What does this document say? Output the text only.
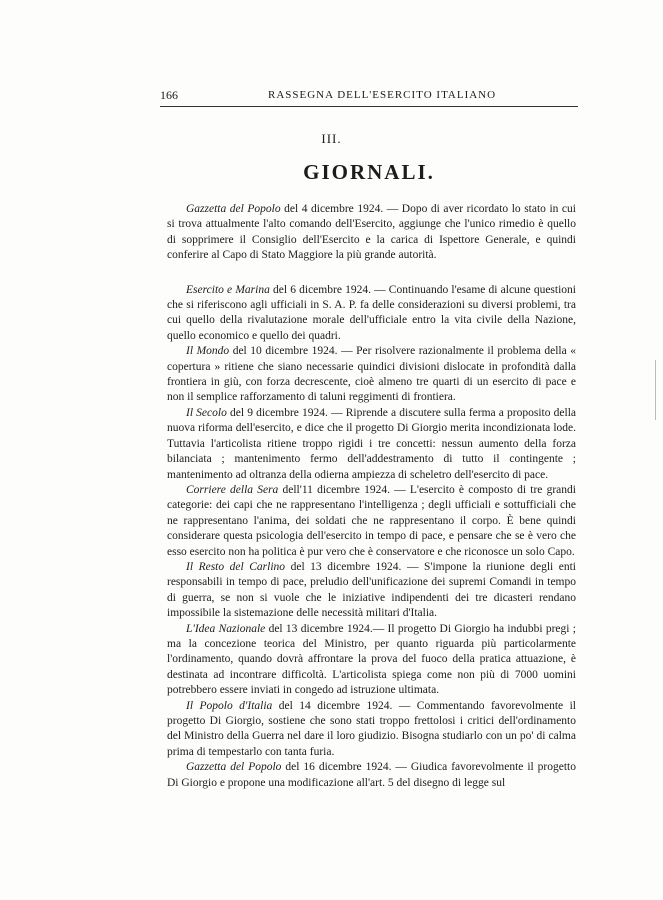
166	RASSEGNA DELL'ESERCITO ITALIANO
III.
GIORNALI.

Gazzetta del Popolo del 4 dicembre 1924. — Dopo di aver ricordato lo stato in cui si trova attualmente l'alto comando dell'Esercito, aggiunge che l'unico rimedio è quello di sopprimere il Consiglio dell'Esercito e la carica di Ispettore Generale, e quindi conferire al Capo di Stato Maggiore la più grande autorità.

Esercito e Marina del 6 dicembre 1924. — Continuando l'esame di alcune questioni che si riferiscono agli ufficiali in S. A. P. fa delle considerazioni su diversi problemi, tra cui quello della rivalutazione morale dell'ufficiale entro la vita civile della Nazione, quello economico e quello dei quadri.

Il Mondo del 10 dicembre 1924. — Per risolvere razionalmente il problema della « copertura » ritiene che siano necessarie quindici divisioni dislocate in profondità dalla frontiera in giù, con forza decrescente, cioè almeno tre quarti di un esercito di pace e non il semplice rafforzamento di taluni reggimenti di frontiera.

Il Secolo del 9 dicembre 1924. — Riprende a discutere sulla ferma a proposito della nuova riforma dell'esercito, e dice che il progetto Di Giorgio merita incondizionata lode. Tuttavia l'articolista ritiene troppo rigidi i tre concetti: nessun aumento della forza bilanciata ; mantenimento fermo dell'addestramento di tutto il contingente ; mantenimento ad oltranza della odierna ampiezza di scheletro dell'esercito di pace.

Corriere della Sera dell'11 dicembre 1924. — L'esercito è composto di tre grandi categorie: dei capi che ne rappresentano l'intelligenza ; degli ufficiali e sottufficiali che ne rappresentano l'anima, dei soldati che ne rappresentano il corpo. È bene quindi considerare questa psicologia dell'esercito in tempo di pace, e pensare che se è vero che esso esercito non ha politica è pur vero che è conservatore e che riconosce un solo Capo.

Il Resto del Carlino del 13 dicembre 1924. — S'impone la riunione degli enti responsabili in tempo di pace, preludio dell'unificazione dei supremi Comandi in tempo di guerra, se non si vuole che le iniziative indipendenti dei tre dicasteri rendano impossibile la sistemazione delle necessità militari d'Italia.

L'Idea Nazionale del 13 dicembre 1924.— Il progetto Di Giorgio ha indubbi pregi ; ma la concezione teorica del Ministro, per quanto riguarda più particolarmente l'ordinamento, quando dovrà affrontare la prova del fuoco della pratica attuazione, è destinata ad incontrare difficoltà. L'articolista spiega come non più di 7000 uomini potrebbero essere inviati in congedo ad istruzione ultimata.

Il Popolo d'Italia del 14 dicembre 1924. — Commentando favorevolmente il progetto Di Giorgio, sostiene che sono stati troppo frettolosi i critici dell'ordinamento del Ministro della Guerra nel dare il loro giudizio. Bisogna studiarlo con un po' di calma prima di tempestarlo con tanta furia.

Gazzetta del Popolo del 16 dicembre 1924. — Giudica favorevolmente il progetto Di Giorgio e propone una modificazione all'art. 5 del disegno di legge sul
